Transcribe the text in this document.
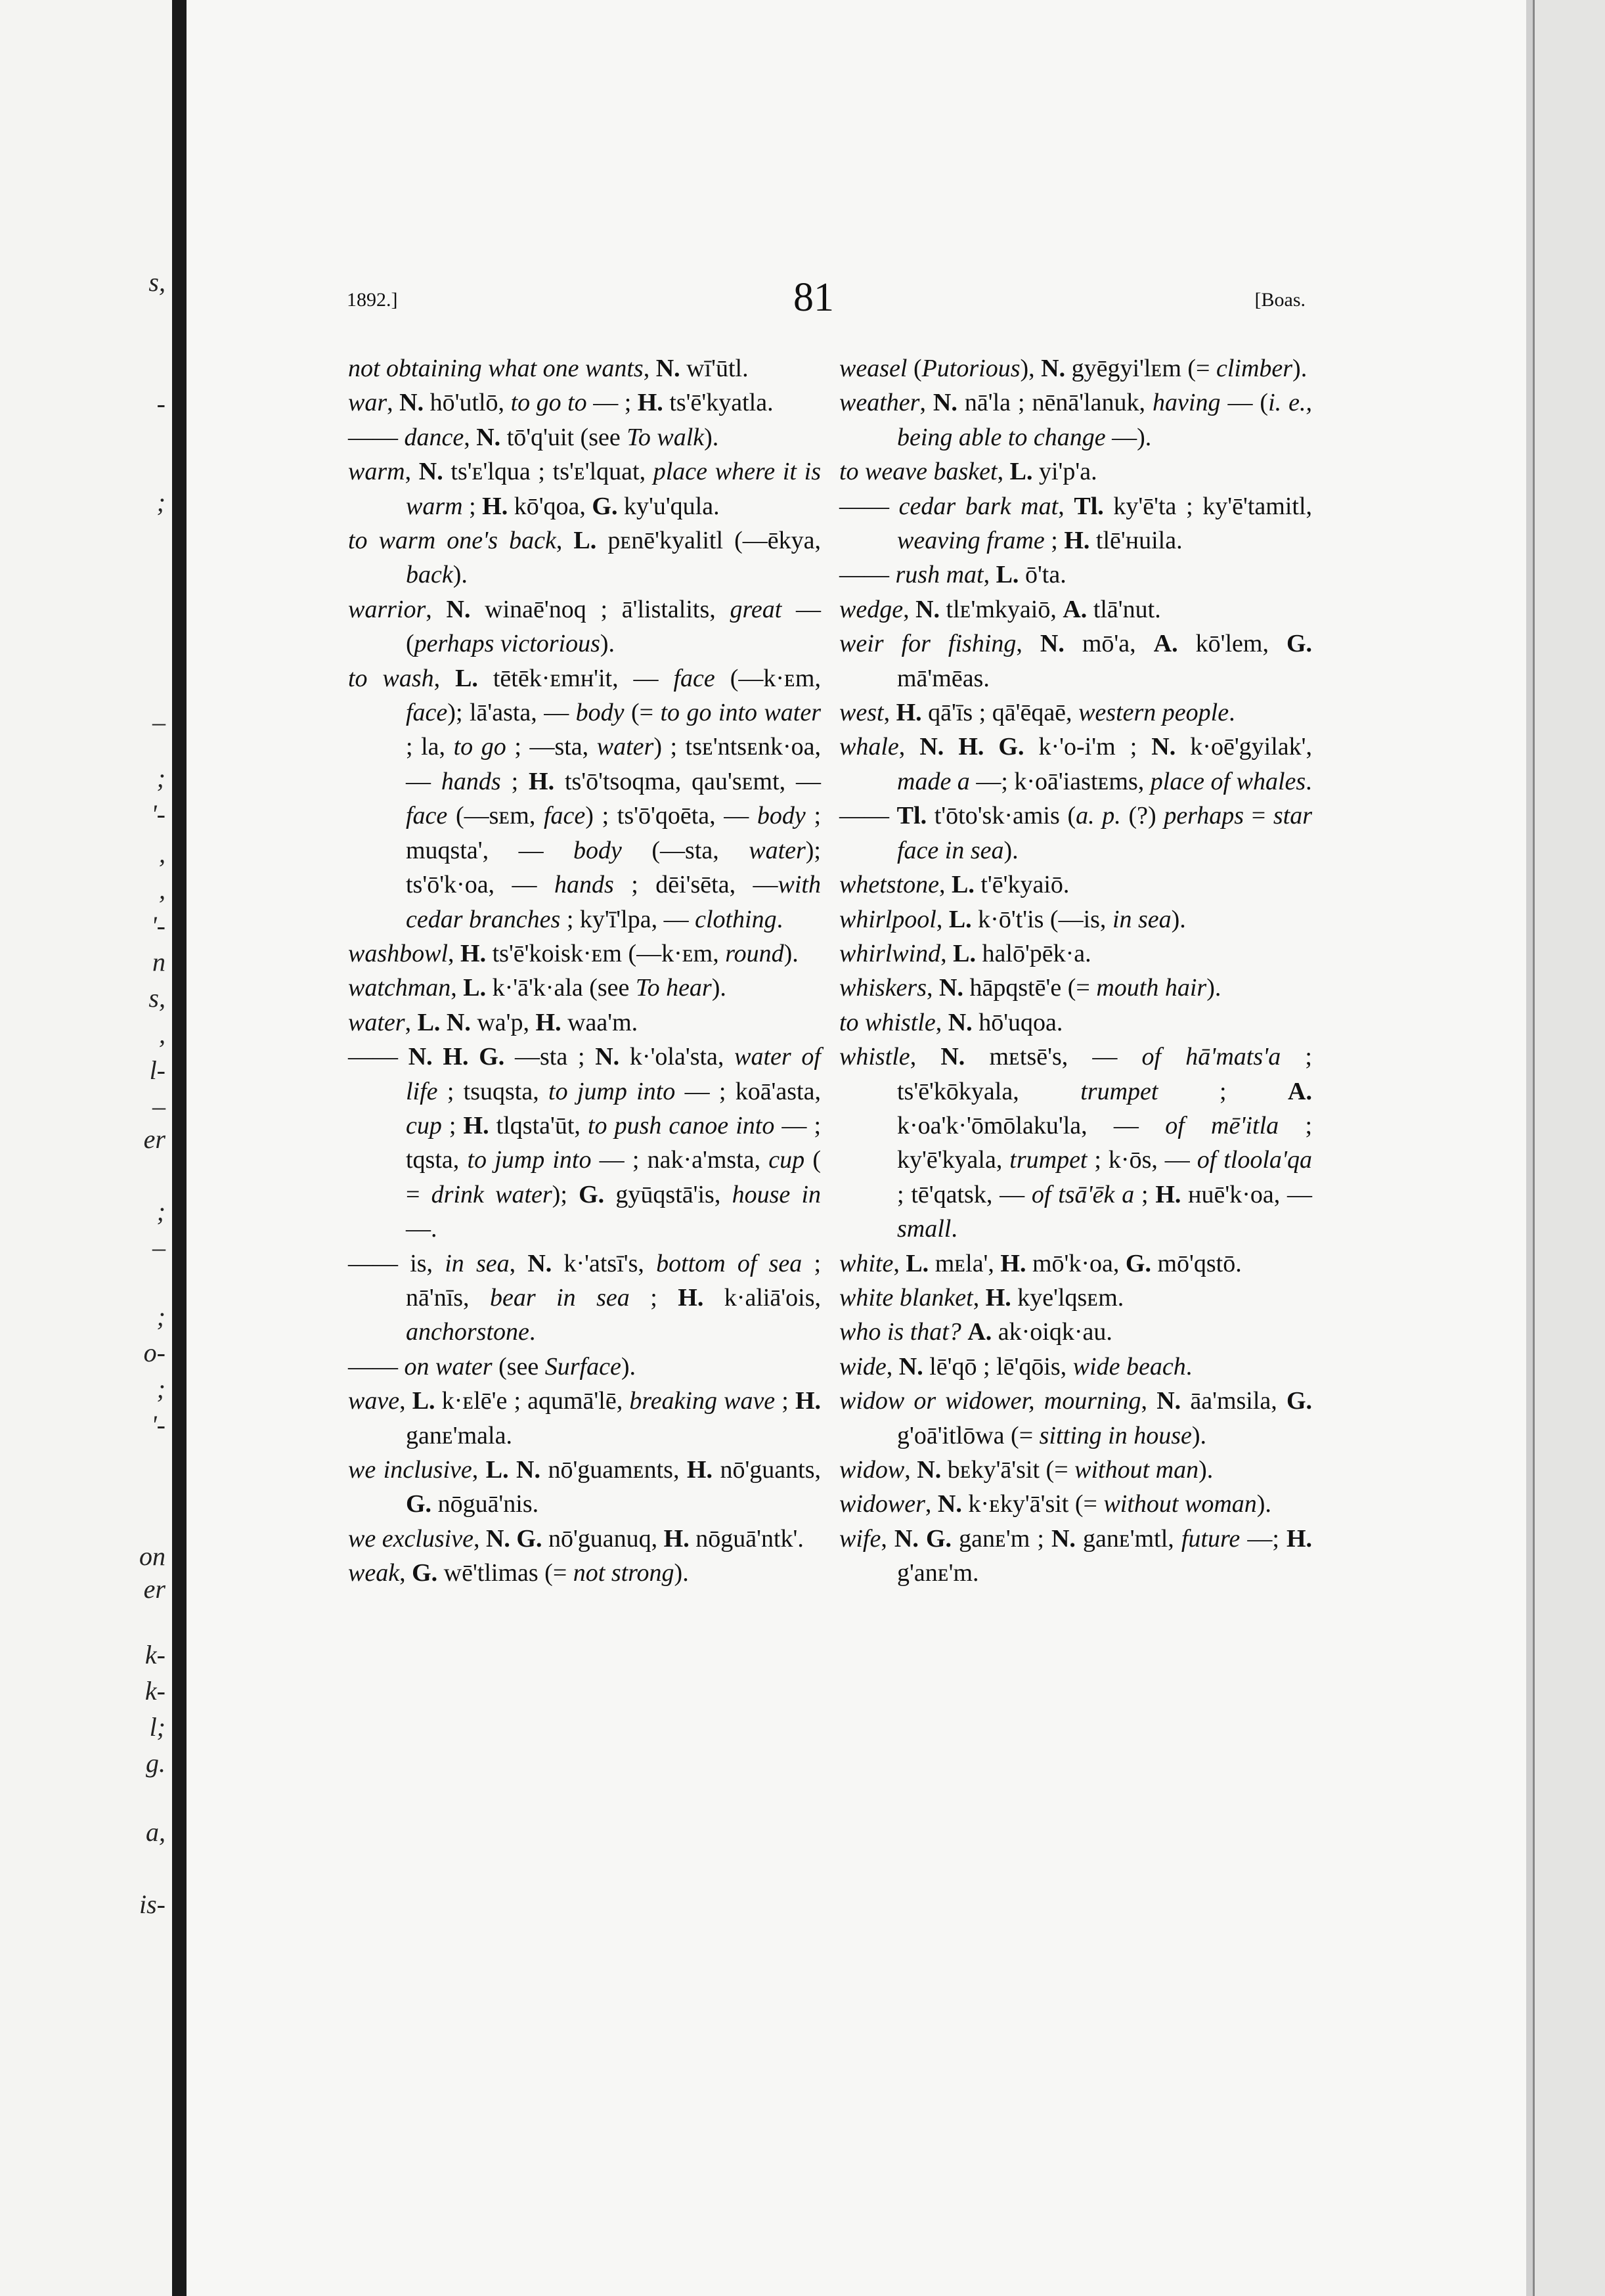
s,
-
;
–
;
'-
,
,
'-
n
s,
,
l-
–
er
;
–
;
o-
;
'-
on
er
k-
k-
l;
g.
a,
is-
1892.]	81	[Boas.

not obtaining what one wants, N. wī'ūtl.

war, N. hō'utlō, to go to — ; H. ts'ē'kyatla.

—— dance, N. tō'q'uit (see To walk).

warm, N. ts'ᴇ'lqua ; ts'ᴇ'lquat, place where it is warm ; H. kō'qoa, G. ky'u'qula.

to warm one's back, L. pᴇnē'kyalitl (—ēkya, back).

warrior, N. winaē'noq ; ā'listalits, great — (perhaps victorious).

to wash, L. tētēk·ᴇmʜ'it, — face (—k·ᴇm, face); lā'asta, — body (= to go into water ; la, to go ; —sta, water) ; tsᴇ'ntsᴇnk·oa, — hands ; H. ts'ō'tsoqma, qau'sᴇmt, — face (—sᴇm, face) ; ts'ō'qoēta, — body ; muqsta', — body (—sta, water); ts'ō'k·oa, — hands ; dēi'sēta, —with cedar branches ; ky'ī'lpa, — clothing.

washbowl, H. ts'ē'koisk·ᴇm (—k·ᴇm, round).

watchman, L. k·'ā'k·ala (see To hear).

water, L. N. wa'p, H. waa'm.

—— N. H. G. —sta ; N. k·'ola'sta, water of life ; tsuqsta, to jump into — ; koā'asta, cup ; H. tlqsta'ūt, to push canoe into — ; tqsta, to jump into — ; nak·a'msta, cup ( = drink water); G. gyūqstā'is, house in —.

—— is, in sea, N. k·'atsī's, bottom of sea ; nā'nīs, bear in sea ; H. k·aliā'ois, anchorstone.

—— on water (see Surface).

wave, L. k·ᴇlē'e ; aqumā'lē, breaking wave ; H. ganᴇ'mala.

we inclusive, L. N. nō'guamᴇnts, H. nō'guants, G. nōguā'nis.

we exclusive, N. G. nō'guanuq, H. nōguā'ntk'.

weak, G. wē'tlimas (= not strong).

weasel (Putorious), N. gyēgyi'lᴇm (= climber).

weather, N. nā'la ; nēnā'lanuk, having — (i. e., being able to change —).

to weave basket, L. yi'p'a.

—— cedar bark mat, Tl. ky'ē'ta ; ky'ē'tamitl, weaving frame ; H. tlē'ʜuila.

—— rush mat, L. ō'ta.

wedge, N. tlᴇ'mkyaiō, A. tlā'nut.

weir for fishing, N. mō'a, A. kō'lem, G. mā'mēas.

west, H. qā'īs ; qā'ēqaē, western people.

whale, N. H. G. k·'o-i'm ; N. k·oē'gyilak', made a —; k·oā'iastᴇms, place of whales.

—— Tl. t'ōto'sk·amis (a. p. (?) perhaps = star face in sea).

whetstone, L. t'ē'kyaiō.

whirlpool, L. k·ō't'is (—is, in sea).

whirlwind, L. halō'pēk·a.

whiskers, N. hāpqstē'e (= mouth hair).

to whistle, N. hō'uqoa.

whistle, N. mᴇtsē's, — of hā'mats'a ; ts'ē'kōkyala, trumpet ; A. k·oa'k·'ōmōlaku'la, — of mē'itla ; ky'ē'kyala, trumpet ; k·ōs, — of tloola'qa ; tē'qatsk, — of tsā'ēk a ; H. ʜuē'k·oa, — small.

white, L. mᴇla', H. mō'k·oa, G. mō'qstō.

white blanket, H. kye'lqsᴇm.

who is that? A. ak·oiqk·au.

wide, N. lē'qō ; lē'qōis, wide beach.

widow or widower, mourning, N. āa'msila, G. g'oā'itlōwa (= sitting in house).

widow, N. bᴇky'ā'sit (= without man).

widower, N. k·ᴇky'ā'sit (= without woman).

wife, N. G. ganᴇ'm ; N. ganᴇ'mtl, future —; H. g'anᴇ'm.
